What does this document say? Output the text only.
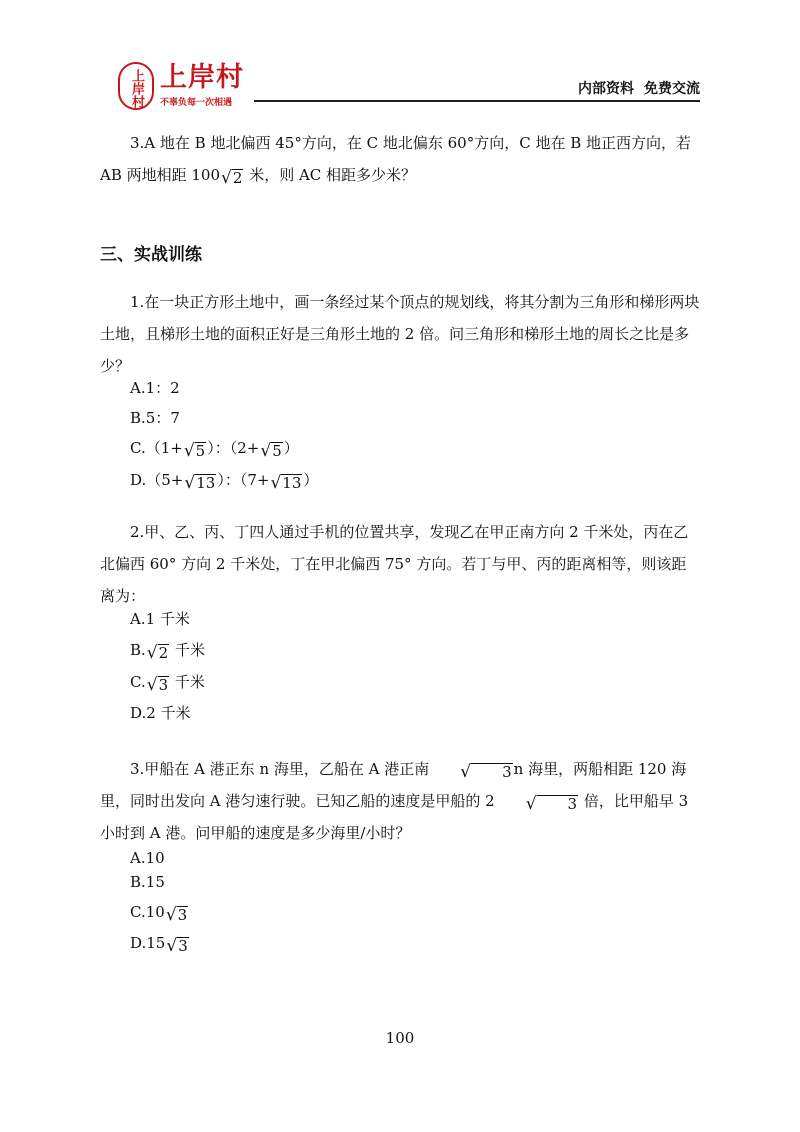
上岸村 上岸村
不辜负每一次相遇
内部资料 免费交流
3.A 地在 B 地北偏西 45°方向，在 C 地北偏东 60°方向，C 地在 B 地正西方向，若
AB 两地相距 100 √ 2 米，则 AC 相距多少米？
三、实战训练
1.在一块正方形土地中，画一条经过某个顶点的规划线，将其分割为三角形和梯形两块土地，且梯形土地的面积正好是三角形土地的 2 倍。问三角形和梯形土地的周长之比是多少？
A.1：2
B.5：7
C.（1+ √ 5 ）：（2+ √ 5 ）
D.（5+ √ 13 ）：（7+ √ 13 ）
2.甲、乙、丙、丁四人通过手机的位置共享，发现乙在甲正南方向 2 千米处，丙在乙北偏西 60° 方向 2 千米处，丁在甲北偏西 75° 方向。若丁与甲、丙的距离相等，则该距离为：
A.1 千米
B. √ 2 千米
C. √ 3 千米
D.2 千米
3.甲船在 A 港正东 n 海里，乙船在 A 港正南	√	3 n 海里，两船相距 120 海里，同时出发向 A 港匀速行驶。已知乙船的速度是甲船的 2	√	3 倍，比甲船早 3 小时到 A 港。问甲船的速度是多少海里/小时？
A.10
B.15
C.10 √ 3
D.15 √ 3
100
